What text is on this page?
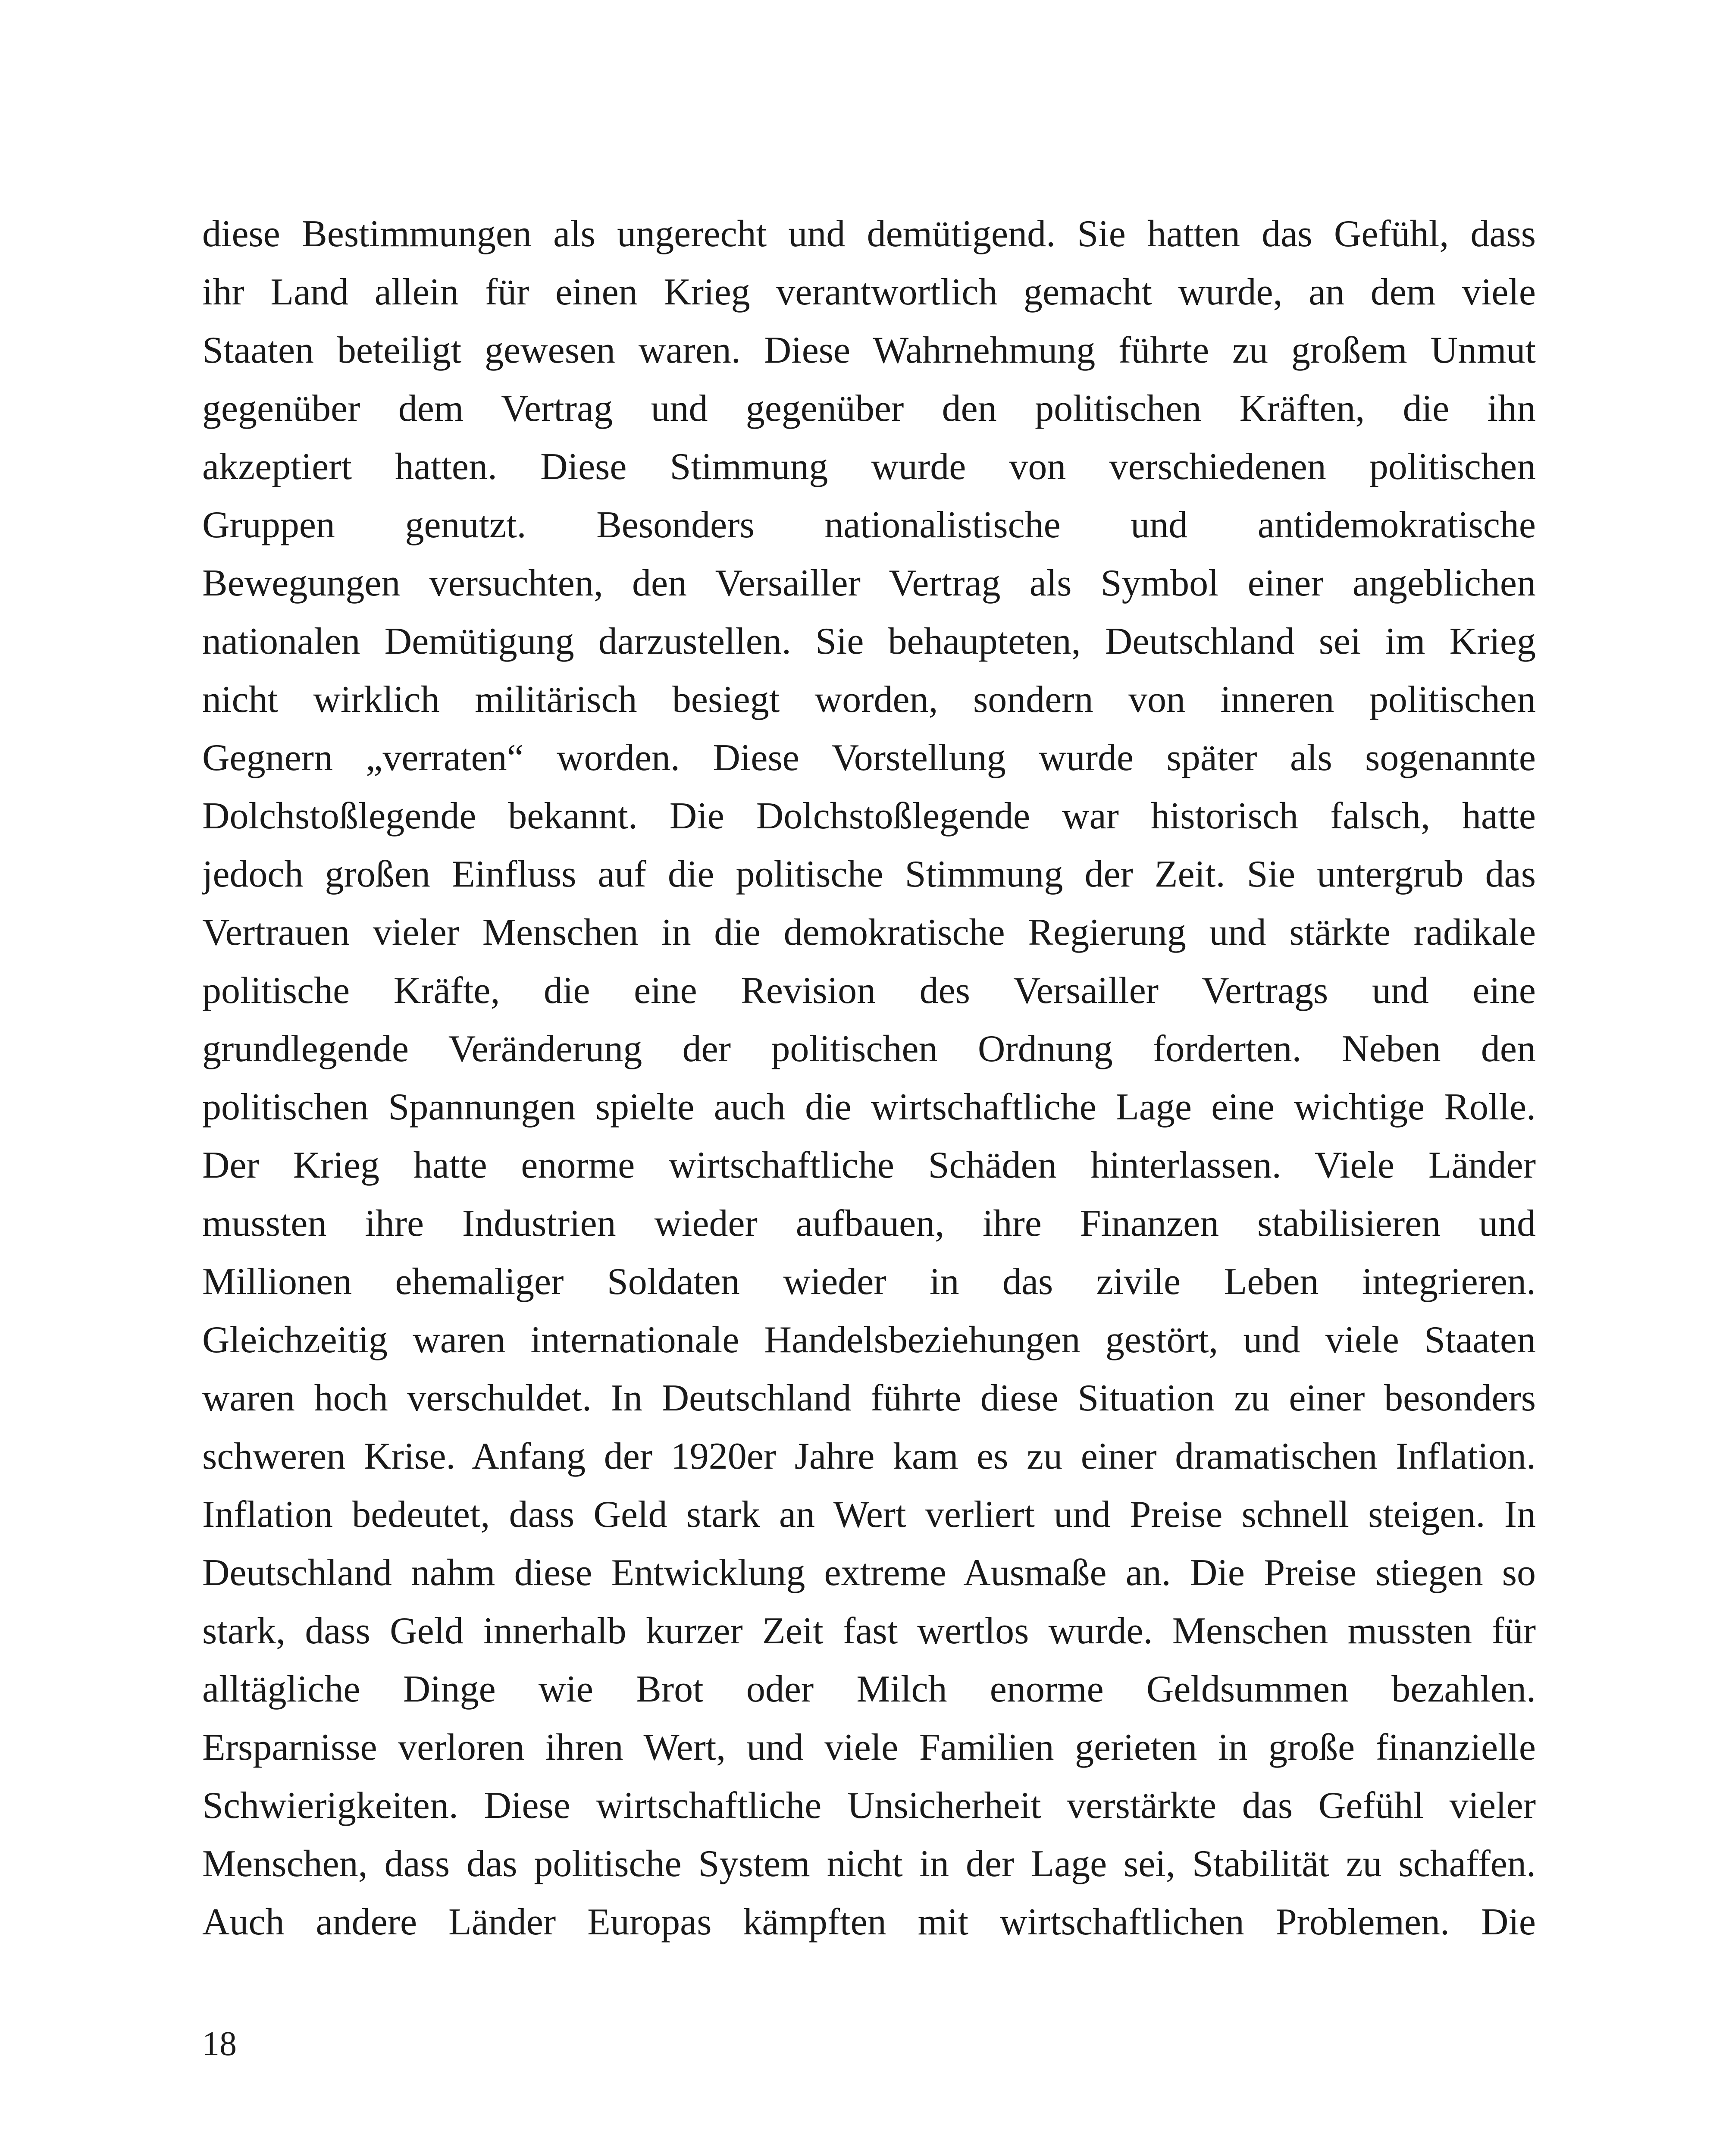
diese Bestimmungen als ungerecht und demütigend. Sie hatten das Gefühl, dass
ihr Land allein für einen Krieg verantwortlich gemacht wurde, an dem viele
Staaten beteiligt gewesen waren. Diese Wahrnehmung führte zu großem Unmut
gegenüber dem Vertrag und gegenüber den politischen Kräften, die ihn
akzeptiert hatten. Diese Stimmung wurde von verschiedenen politischen
Gruppen genutzt. Besonders nationalistische und antidemokratische
Bewegungen versuchten, den Versailler Vertrag als Symbol einer angeblichen
nationalen Demütigung darzustellen. Sie behaupteten, Deutschland sei im Krieg
nicht wirklich militärisch besiegt worden, sondern von inneren politischen
Gegnern „verraten“ worden. Diese Vorstellung wurde später als sogenannte
Dolchstoßlegende bekannt. Die Dolchstoßlegende war historisch falsch, hatte
jedoch großen Einfluss auf die politische Stimmung der Zeit. Sie untergrub das
Vertrauen vieler Menschen in die demokratische Regierung und stärkte radikale
politische Kräfte, die eine Revision des Versailler Vertrags und eine
grundlegende Veränderung der politischen Ordnung forderten. Neben den
politischen Spannungen spielte auch die wirtschaftliche Lage eine wichtige Rolle.
Der Krieg hatte enorme wirtschaftliche Schäden hinterlassen. Viele Länder
mussten ihre Industrien wieder aufbauen, ihre Finanzen stabilisieren und
Millionen ehemaliger Soldaten wieder in das zivile Leben integrieren.
Gleichzeitig waren internationale Handelsbeziehungen gestört, und viele Staaten
waren hoch verschuldet. In Deutschland führte diese Situation zu einer besonders
schweren Krise. Anfang der 1920er Jahre kam es zu einer dramatischen Inflation.
Inflation bedeutet, dass Geld stark an Wert verliert und Preise schnell steigen. In
Deutschland nahm diese Entwicklung extreme Ausmaße an. Die Preise stiegen so
stark, dass Geld innerhalb kurzer Zeit fast wertlos wurde. Menschen mussten für
alltägliche Dinge wie Brot oder Milch enorme Geldsummen bezahlen.
Ersparnisse verloren ihren Wert, und viele Familien gerieten in große finanzielle
Schwierigkeiten. Diese wirtschaftliche Unsicherheit verstärkte das Gefühl vieler
Menschen, dass das politische System nicht in der Lage sei, Stabilität zu schaffen.
Auch andere Länder Europas kämpften mit wirtschaftlichen Problemen. Die
18
